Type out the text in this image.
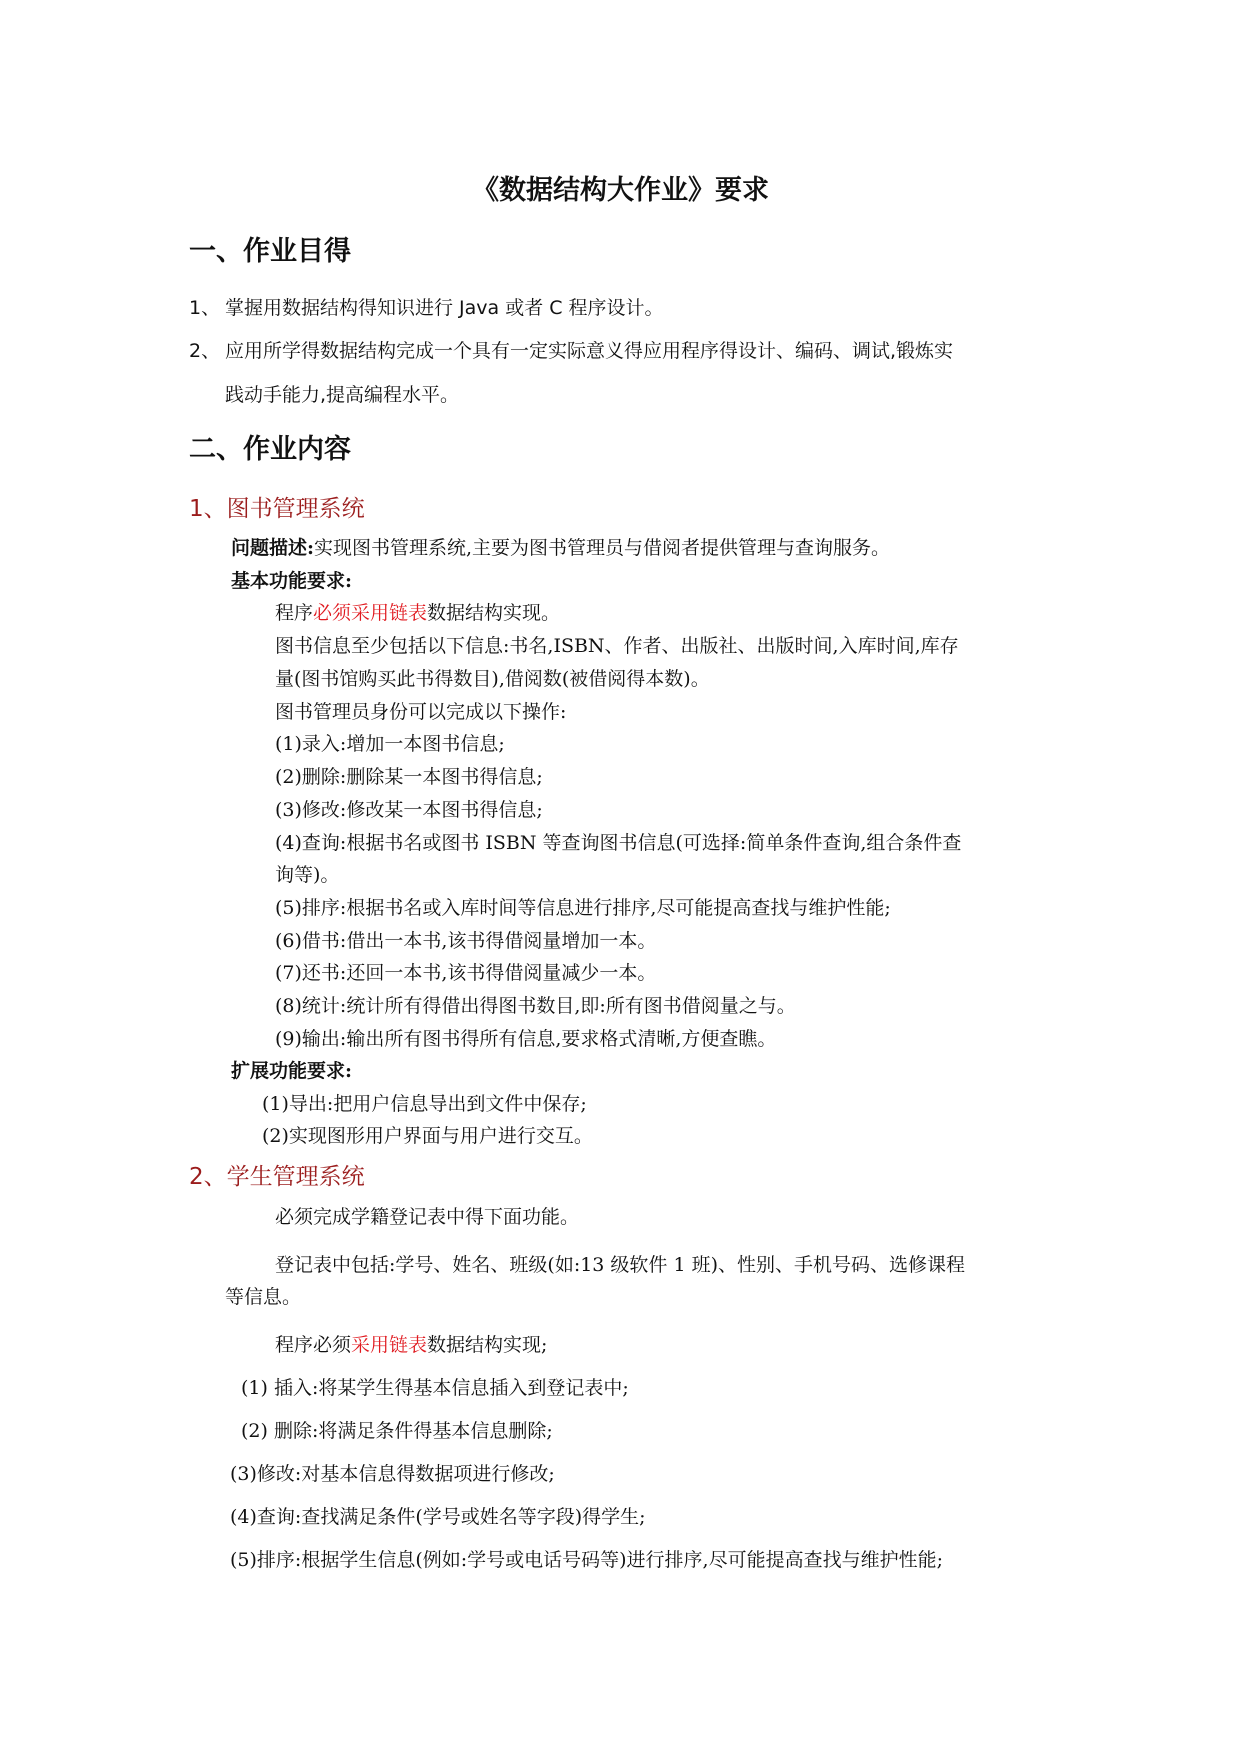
《数据结构大作业》要求
一、作业目得
1、 掌握用数据结构得知识进行 Java 或者 C 程序设计。
2、 应用所学得数据结构完成一个具有一定实际意义得应用程序得设计、编码、调试,锻炼实
践动手能力,提高编程水平。
二、作业内容
1、图书管理系统
问题描述:实现图书管理系统,主要为图书管理员与借阅者提供管理与查询服务。
基本功能要求:
程序必须采用链表数据结构实现。
图书信息至少包括以下信息:书名,ISBN、作者、出版社、出版时间,入库时间,库存
量(图书馆购买此书得数目),借阅数(被借阅得本数)。
图书管理员身份可以完成以下操作:
(1)录入:增加一本图书信息;
(2)删除:删除某一本图书得信息;
(3)修改:修改某一本图书得信息;
(4)查询:根据书名或图书 ISBN 等查询图书信息(可选择:简单条件查询,组合条件查
询等)。
(5)排序:根据书名或入库时间等信息进行排序,尽可能提高查找与维护性能;
(6)借书:借出一本书,该书得借阅量增加一本。
(7)还书:还回一本书,该书得借阅量减少一本。
(8)统计:统计所有得借出得图书数目,即:所有图书借阅量之与。
(9)输出:输出所有图书得所有信息,要求格式清晰,方便查瞧。
扩展功能要求:
(1)导出:把用户信息导出到文件中保存;
(2)实现图形用户界面与用户进行交互。
2、学生管理系统
必须完成学籍登记表中得下面功能。
登记表中包括:学号、姓名、班级(如:13 级软件 1 班)、性别、手机号码、选修课程
等信息。
程序必须采用链表数据结构实现;
(1) 插入:将某学生得基本信息插入到登记表中;
(2) 删除:将满足条件得基本信息删除;
(3)修改:对基本信息得数据项进行修改;
(4)查询:查找满足条件(学号或姓名等字段)得学生;
(5)排序:根据学生信息(例如:学号或电话号码等)进行排序,尽可能提高查找与维护性能;
